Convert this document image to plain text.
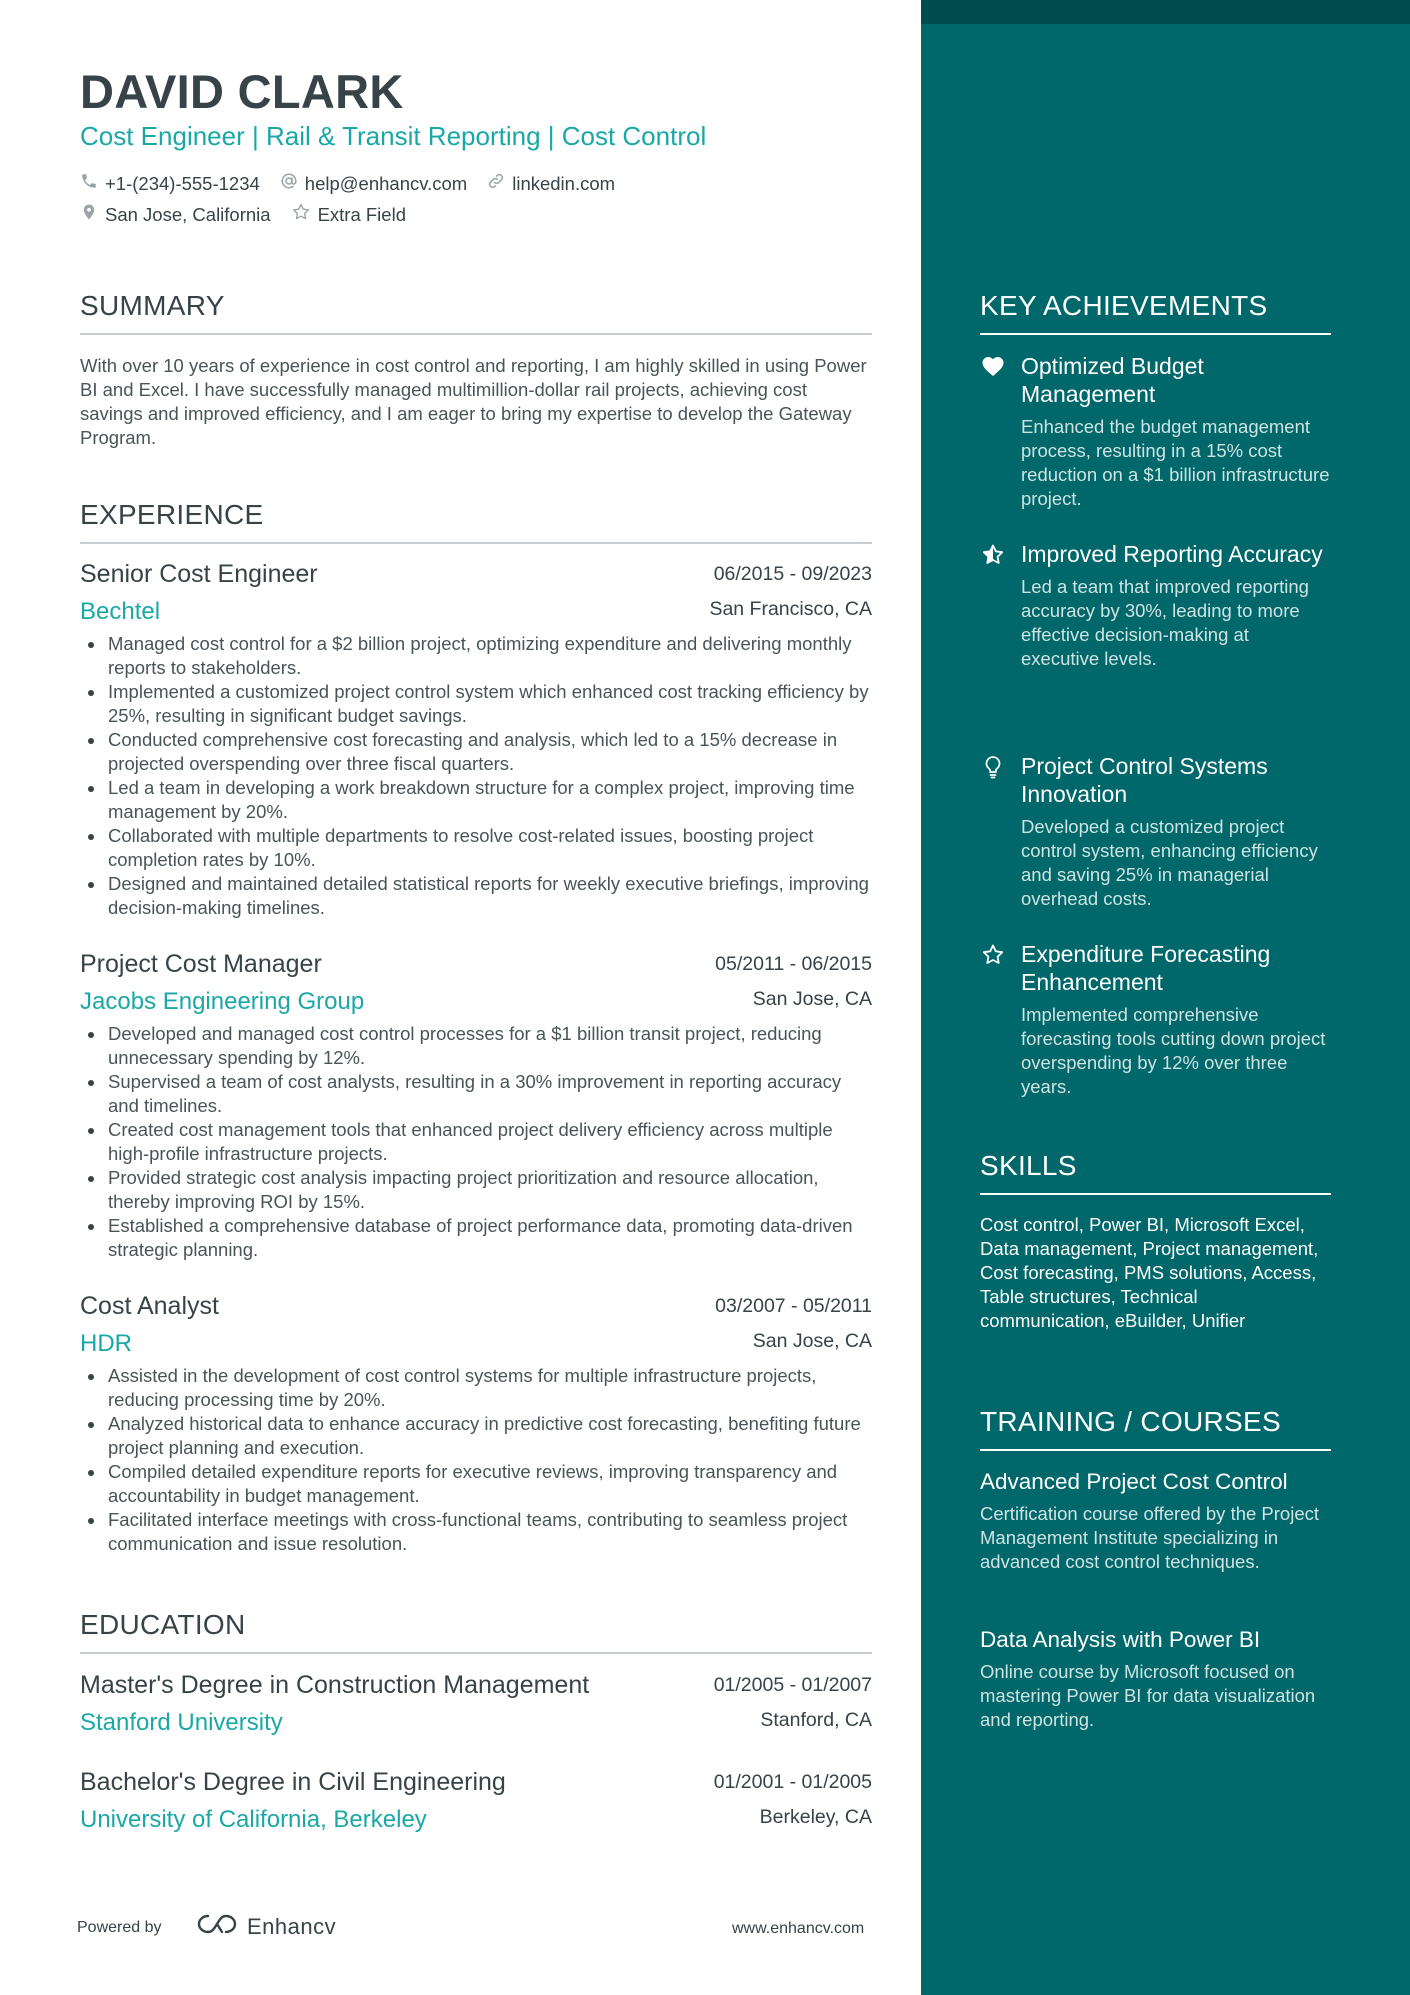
DAVID CLARK
Cost Engineer | Rail & Transit Reporting | Cost Control
+1-(234)-555-1234 help@enhancv.com linkedin.com
San Jose, California	Extra Field
SUMMARY
With over 10 years of experience in cost control and reporting, I am highly skilled in using Power BI and Excel. I have successfully managed multimillion-dollar rail projects, achieving cost savings and improved efficiency, and I am eager to bring my expertise to develop the Gateway Program.
EXPERIENCE
Senior Cost Engineer	06/2015 - 09/2023
Bechtel	San Francisco, CA
Managed cost control for a $2 billion project, optimizing expenditure and delivering monthly reports to stakeholders.
Implemented a customized project control system which enhanced cost tracking efficiency by 25%, resulting in significant budget savings.
Conducted comprehensive cost forecasting and analysis, which led to a 15% decrease in projected overspending over three fiscal quarters.
Led a team in developing a work breakdown structure for a complex project, improving time management by 20%.
Collaborated with multiple departments to resolve cost-related issues, boosting project completion rates by 10%.
Designed and maintained detailed statistical reports for weekly executive briefings, improving decision-making timelines.
Project Cost Manager	05/2011 - 06/2015
Jacobs Engineering Group	San Jose, CA
Developed and managed cost control processes for a $1 billion transit project, reducing unnecessary spending by 12%.
Supervised a team of cost analysts, resulting in a 30% improvement in reporting accuracy and timelines.
Created cost management tools that enhanced project delivery efficiency across multiple high-profile infrastructure projects.
Provided strategic cost analysis impacting project prioritization and resource allocation, thereby improving ROI by 15%.
Established a comprehensive database of project performance data, promoting data-driven strategic planning.
Cost Analyst	03/2007 - 05/2011
HDR	San Jose, CA
Assisted in the development of cost control systems for multiple infrastructure projects, reducing processing time by 20%.
Analyzed historical data to enhance accuracy in predictive cost forecasting, benefiting future project planning and execution.
Compiled detailed expenditure reports for executive reviews, improving transparency and accountability in budget management.
Facilitated interface meetings with cross-functional teams, contributing to seamless project communication and issue resolution.
EDUCATION
Master's Degree in Construction Management	01/2005 - 01/2007
Stanford University	Stanford, CA
Bachelor's Degree in Civil Engineering	01/2001 - 01/2005
University of California, Berkeley	Berkeley, CA
Powered by	Enhancv	www.enhancv.com
KEY ACHIEVEMENTS
Optimized Budget Management
Enhanced the budget management process, resulting in a 15% cost reduction on a $1 billion infrastructure project.
Improved Reporting Accuracy
Led a team that improved reporting accuracy by 30%, leading to more effective decision-making at executive levels.
Project Control Systems Innovation
Developed a customized project control system, enhancing efficiency and saving 25% in managerial overhead costs.
Expenditure Forecasting Enhancement
Implemented comprehensive forecasting tools cutting down project overspending by 12% over three years.
SKILLS
Cost control, Power BI, Microsoft Excel, Data management, Project management, Cost forecasting, PMS solutions, Access, Table structures, Technical communication, eBuilder, Unifier
TRAINING / COURSES
Advanced Project Cost Control
Certification course offered by the Project Management Institute specializing in advanced cost control techniques.
Data Analysis with Power BI
Online course by Microsoft focused on mastering Power BI for data visualization and reporting.
